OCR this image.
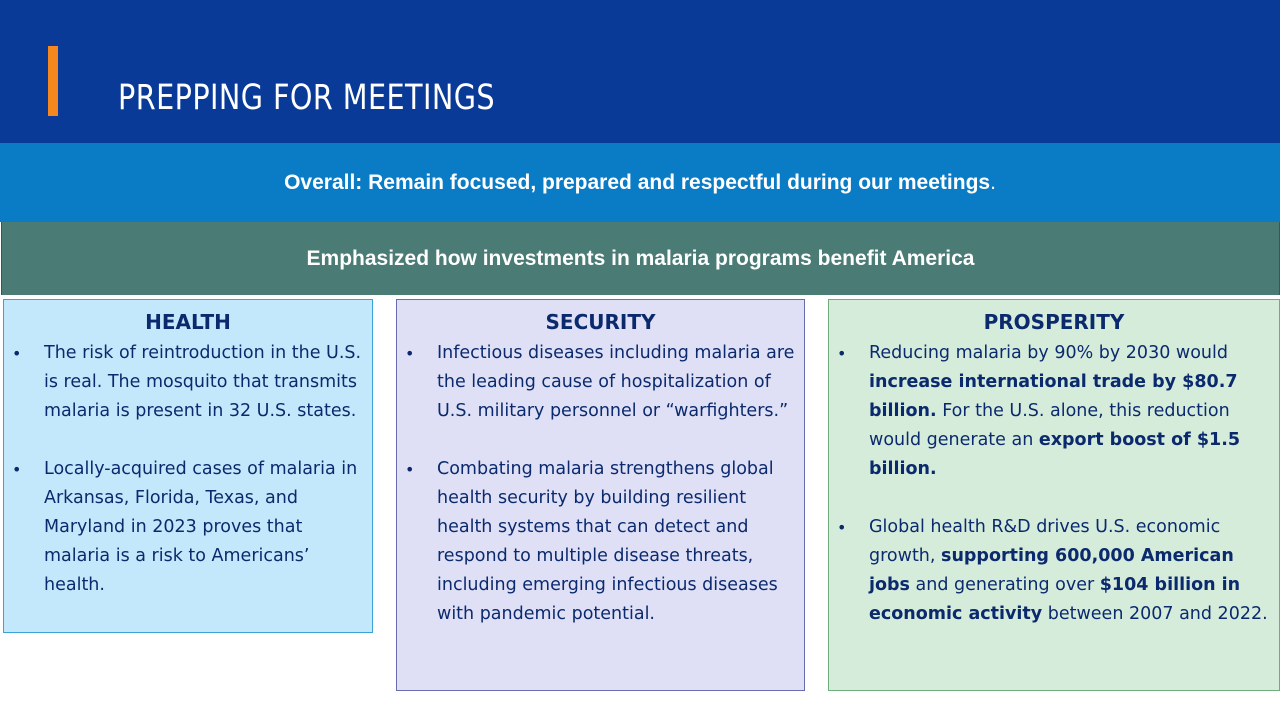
PREPPING FOR MEETINGS
Overall: Remain focused, prepared and respectful during our meetings .
Emphasized how investments in malaria programs benefit America
HEALTH
• The risk of reintroduction in the U.S. is real. The mosquito that transmits malaria is present in 32 U.S. states.
• Locally-acquired cases of malaria in Arkansas, Florida, Texas, and Maryland in 2023 proves that malaria is a risk to Americans’ health.
SECURITY
• Infectious diseases including malaria are the leading cause of hospitalization of U.S. military personnel or “warfighters.”
• Combating malaria strengthens global health security by building resilient health systems that can detect and respond to multiple disease threats, including emerging infectious diseases with pandemic potential.
PROSPERITY
• Reducing malaria by 90% by 2030 would increase international trade by $80.7 billion. For the U.S. alone, this reduction would generate an export boost of $1.5 billion.
• Global health R&D drives U.S. economic growth, supporting 600,000 American jobs and generating over $104 billion in economic activity between 2007 and 2022.
